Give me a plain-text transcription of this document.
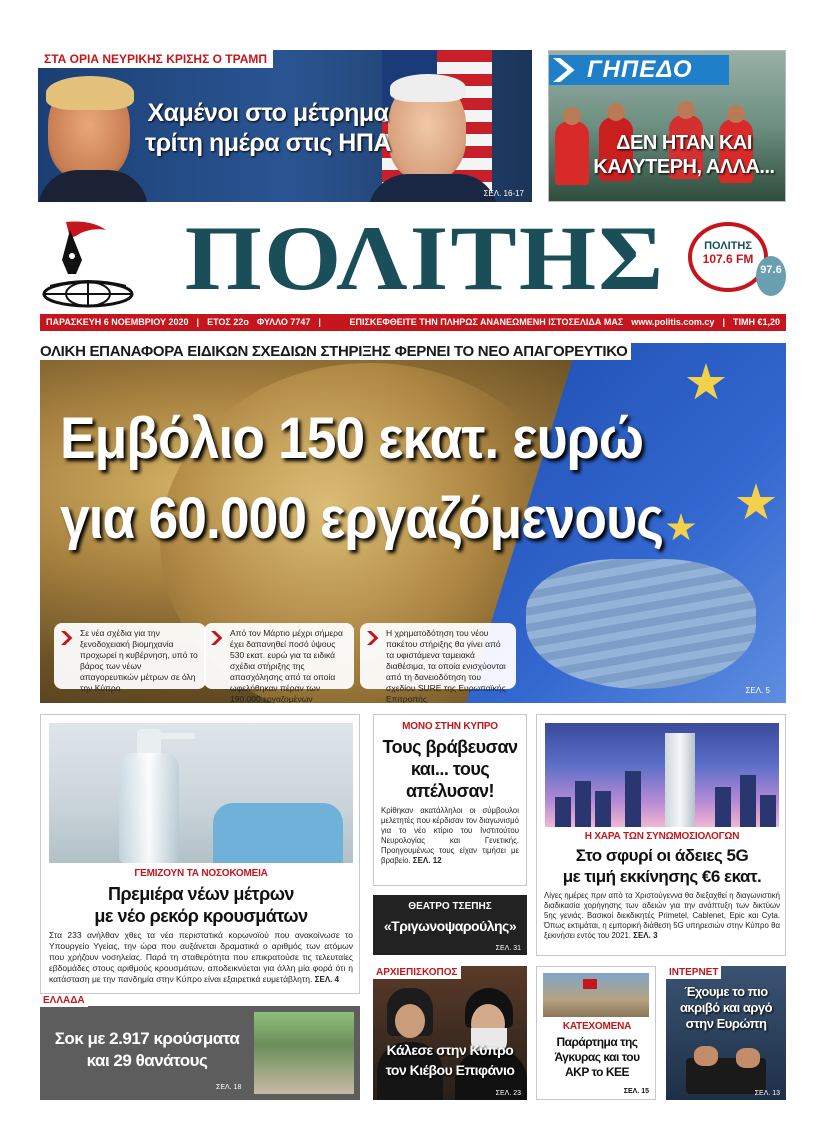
ΣΤΑ ΟΡΙΑ ΝΕΥΡΙΚΗΣ ΚΡΙΣΗΣ Ο ΤΡΑΜΠ
Χαμένοι στο μέτρημα
τρίτη ημέρα στις ΗΠΑ
ΣΕΛ. 16-17
ΓΗΠΕΔΟ
ΔΕΝ ΗΤΑΝ ΚΑΙ
ΚΑΛΥΤΕΡΗ, ΑΛΛΑ...
ΠΟΛΙΤΗΣ	ΠΟΛΙΤΗΣ
107.6 FM
97.6
ΠΑΡΑΣΚΕΥΗ 6 ΝΟΕΜΒΡΙΟΥ 2020 | ΕΤΟΣ 22ο ΦΥΛΛΟ 7747 |	ΕΠΙΣΚΕΦΘΕΙΤΕ ΤΗΝ ΠΛΗΡΩΣ ΑΝΑΝΕΩΜΕΝΗ ΙΣΤΟΣΕΛΙΔΑ ΜΑΣ www.politis.com.cy | ΤΙΜΗ €1,20
Εμβόλιο 150 εκατ. ευρώ
για 60.000 εργαζόμενους
Σε νέα σχέδια για την ξενοδοχειακή βιομηχανία προχωρεί η κυβέρνηση, υπό το βάρος των νέων απαγορευτικών μέτρων σε όλη την Κύπρο
Από τον Μάρτιο μέχρι σήμερα έχει δαπανηθεί ποσό ύψους 530 εκατ. ευρώ για τα ειδικά σχέδια στήριξης της απασχόλησης από τα οποία ωφελήθηκαν πέραν των 190.000 εργαζομένων
Η χρηματοδότηση του νέου πακέτου στήριξης θα γίνει από τα υφιστάμενα ταμειακά διαθέσιμα, τα οποία ενισχύονται από τη δανειοδότηση του σχεδίου SURE της Ευρωπαϊκής Επιτροπής
ΣΕΛ. 5
ΟΛΙΚΗ ΕΠΑΝΑΦΟΡΑ ΕΙΔΙΚΩΝ ΣΧΕΔΙΩΝ ΣΤΗΡΙΞΗΣ ΦΕΡΝΕΙ ΤΟ ΝΕΟ ΑΠΑΓΟΡΕΥΤΙΚΟ
ΓΕΜΙΖΟΥΝ ΤΑ ΝΟΣΟΚΟΜΕΙΑ
Πρεμιέρα νέων μέτρων
με νέο ρεκόρ κρουσμάτων
Στα 233 ανήλθαν χθες τα νέα περιστατικά κορωνοϊού που ανακοίνωσε το Υπουργείο Υγείας, την ώρα που αυξάνεται δραματικά ο αριθμός των ατόμων που χρήζουν νοσηλείας. Παρά τη σταθερότητα που επικρατούσε τις τελευταίες εβδομάδες στους αριθμούς κρουσμάτων, αποδεικνύεται για άλλη μία φορά ότι η κατάσταση με την πανδημία στην Κύπρο είναι εξαιρετικά ευμετάβλητη. ΣΕΛ. 4
ΜΟΝΟ ΣΤΗΝ ΚΥΠΡΟ
Τους βράβευσαν
και... τους
απέλυσαν!
Κρίθηκαν ακατάλληλοι οι σύμβουλοι μελετητές που κέρδισαν τον διαγωνισμό για το νέο κτίριο του Ινστιτούτου Νευρολογίας και Γενετικής. Προηγουμένως τους είχαν τιμήσει με βραβείο. ΣΕΛ. 12
ΘΕΑΤΡΟ ΤΣΕΠΗΣ
«Τριγωνοψαρούλης»
ΣΕΛ. 31
Η ΧΑΡΑ ΤΩΝ ΣΥΝΩΜΟΣΙΟΛΟΓΩΝ
Στο σφυρί οι άδειες 5G
με τιμή εκκίνησης €6 εκατ.
Λίγες ημέρες πριν από τα Χριστούγεννα θα διεξαχθεί η διαγωνιστική διαδικασία χορήγησης των αδειών για την ανάπτυξη των δικτύων 5ης γενιάς. Βασικοί διεκδικητές Primetel, Cablenet, Epic και Cyta. Όπως εκτιμάται, η εμπορική διάθεση 5G υπηρεσιών στην Κύπρο θα ξεκινήσει εντός του 2021. ΣΕΛ. 3
ΕΛΛΑΔΑ
Σοκ με 2.917 κρούσματα
και 29 θανάτους
ΣΕΛ. 18
ΑΡΧΙΕΠΙΣΚΟΠΟΣ
Κάλεσε στην Κύπρο
τον Κιέβου Επιφάνιο
ΣΕΛ. 23
ΚΑΤΕΧΟΜΕΝΑ
Παράρτημα της
Άγκυρας και του
ΑΚΡ το ΚΕΕ
ΣΕΛ. 15
ΙΝΤΕΡΝΕΤ
Έχουμε το πιο
ακριβό και αργό
στην Ευρώπη
ΣΕΛ. 13
